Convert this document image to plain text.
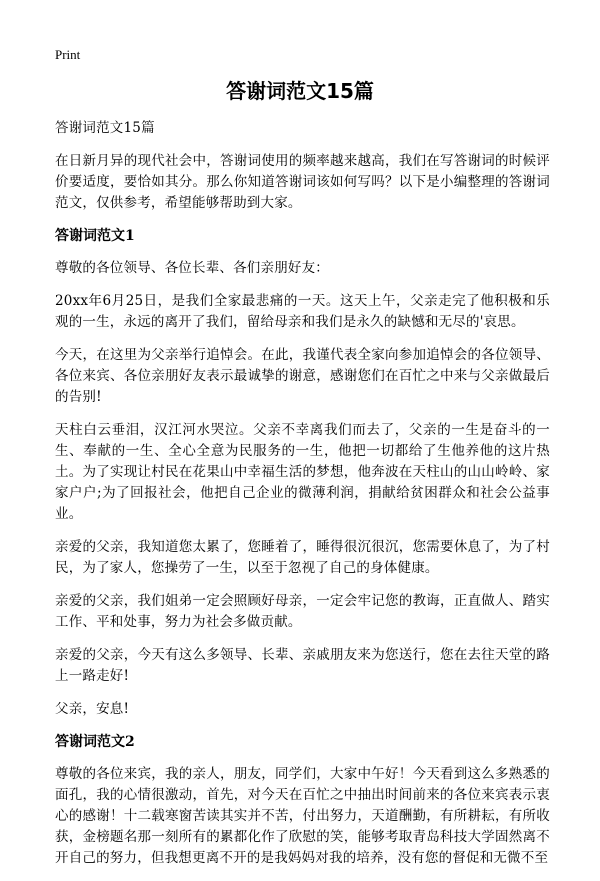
Print
答谢词范文15篇

答谢词范文15篇

在日新月异的现代社会中，答谢词使用的频率越来越高，我们在写答谢词的时候评价要适度，要恰如其分。那么你知道答谢词该如何写吗？以下是小编整理的答谢词范文，仅供参考，希望能够帮助到大家。

答谢词范文1

尊敬的各位领导、各位长辈、各们亲朋好友：

20xx年6月25日，是我们全家最悲痛的一天。这天上午，父亲走完了他积极和乐观的一生，永远的离开了我们，留给母亲和我们是永久的缺憾和无尽的'哀思。

今天，在这里为父亲举行追悼会。在此，我谨代表全家向参加追悼会的各位领导、各位来宾、各位亲朋好友表示最诚挚的谢意，感谢您们在百忙之中来与父亲做最后的告别!

天柱白云垂泪，汉江河水哭泣。父亲不幸离我们而去了，父亲的一生是奋斗的一生、奉献的一生、全心全意为民服务的一生，他把一切都给了生他养他的这片热土。为了实现让村民在花果山中幸福生活的梦想，他奔波在天柱山的山山岭岭、家家户户;为了回报社会，他把自己企业的微薄利润，捐献给贫困群众和社会公益事业。

亲爱的父亲，我知道您太累了，您睡着了，睡得很沉很沉，您需要休息了，为了村民，为了家人，您操劳了一生，以至于忽视了自己的身体健康。

亲爱的父亲，我们姐弟一定会照顾好母亲，一定会牢记您的教诲，正直做人、踏实工作、平和处事，努力为社会多做贡献。

亲爱的父亲，今天有这么多领导、长辈、亲戚朋友来为您送行，您在去往天堂的路上一路走好!

父亲，安息!

答谢词范文2

尊敬的各位来宾，我的亲人，朋友，同学们，大家中午好！今天看到这么多熟悉的面孔，我的心情很激动，首先，对今天在百忙之中抽出时间前来的各位来宾表示衷心的感谢！十二载寒窗苦读其实并不苦，付出努力，天道酬勤，有所耕耘，有所收获，金榜题名那一刻所有的累都化作了欣慰的笑，能够考取青岛科技大学固然离不开自己的努力，但我想更离不开的是我妈妈对我的培养，没有您的督促和无微不至
